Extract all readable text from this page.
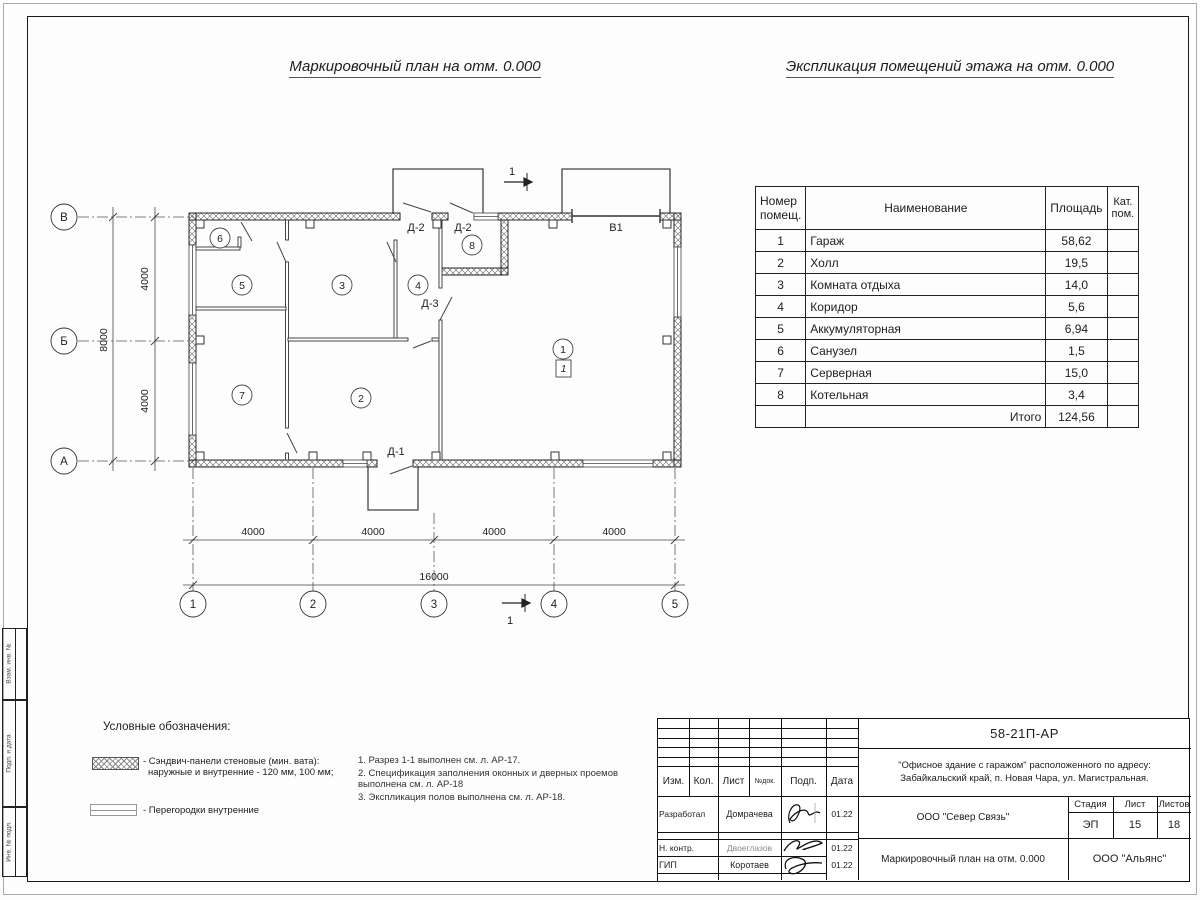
Маркировочный план на отм. 0.000	Экспликация помещений этажа на отм. 0.000
4000
4000
8000
4000	4000	4000	4000
16000
В
Б
А
1	2	3	4	5
1
2
3	4
5
6
7
8
1
Д-2	Д-2
Д-3
Д-1
В1
1
1
Номер помещ.	Наименование	Площадь	Кат. пом.
1	Гараж	58,62	
2	Холл	19,5	
3	Комната отдыха	14,0	
4	Коридор	5,6	
5	Аккумуляторная	6,94	
6	Санузел	1,5	
7	Серверная	15,0	
8	Котельная	3,4	
	Итого	124,56	
Условные обозначения:
- Сэндвич-панели стеновые (мин. вата):
наружные и внутренние - 120 мм, 100 мм;
- Перегородки внутренние
1. Разрез 1-1 выполнен см. л. АР-17.
2. Спецификация заполнения оконных и дверных проемов выполнена см. л. АР-18
3. Экспликация полов выполнена см. л. АР-18.
Изм. Кол. Лист	№док.	Подп.	Дата
Разработал	Домрачева	01.22
Н. контр.	Двоеглазов	01.22
ГИП	Коротаев	01.22
58-21П-АР
"Офисное здание с гаражом" расположенного по адресу:
Забайкальский край, п. Новая Чара, ул. Магистральная.
ООО "Север Связь"
Стадия	Лист	Листов
ЭП	15	18
Маркировочный план на отм. 0.000	ООО "Альянс"
Взам. инв. №
Подп. и дата
Инв. № подл.
